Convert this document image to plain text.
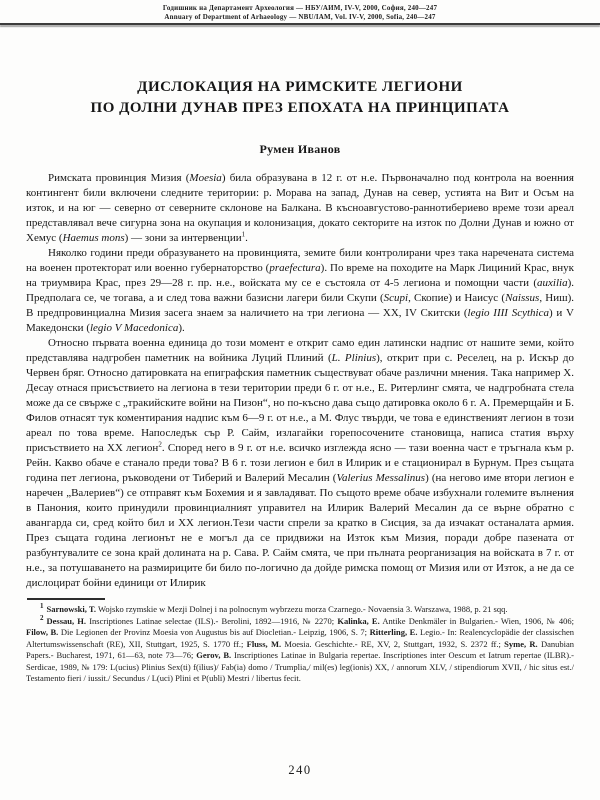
Годишник на Департамент Археология — НБУ/АИМ, IV-V, 2000, София, 240—247
Annuary of Department of Arhaeology — NBU/IAM, Vol. IV-V, 2000, Sofia, 240—247
ДИСЛОКАЦИЯ НА РИМСКИТЕ ЛЕГИОНИ
ПО ДОЛНИ ДУНАВ ПРЕЗ ЕПОХАТА НА ПРИНЦИПАТА
Румен Иванов

Римската провинция Мизия (Moesia) била образувана в 12 г. от н.е. Първоначално под контрола на военния контингент били включени следните територии: р. Морава на запад, Дунав на север, устията на Вит и Осъм на изток, и на юг — северно от северните склонове на Балкана. В късноавгустово-раннотибериево време този ареал представлявал вече сигурна зона на окупация и колонизация, докато секторите на изток по Долни Дунав и южно от Хемус (Haemus mons) — зони за интервенции$^1$.

Няколко години преди образуването на провинцията, земите били контролирани чрез така наречената система на военен протекторат или военно губернаторство (praefectura). По време на походите на Марк Лициний Крас, внук на триумвира Крас, през 29—28 г. пр. н.е., войската му се е състояла от 4-5 легиона и помощни части (auxilia). Предполага се, че тогава, а и след това важни базисни лагери били Скупи (Scupi, Скопие) и Наисус (Naissus, Ниш). В предпровинциална Мизия засега знаем за наличието на три легиона — XX, IV Скитски (legio IIII Scythica) и V Македонски (legio V Macedonica).

Относно първата военна единица до този момент е открит само един латински надпис от нашите земи, който представлява надгробен паметник на войника Луций Плиний (L. Plinius), открит при с. Реселец, на р. Искър до Червен бряг. Относно датировката на епиграфския паметник съществуват обаче различни мнения. Така например Х. Десау отнася присъствието на легиона в тези територии преди 6 г. от н.е., Е. Ритерлинг смята, че надгробната стела може да се свърже с „тракийските войни на Пизон“, но по-късно дава също датировка около 6 г. А. Премерщайн и Б. Филов отнасят тук коментирания надпис към 6—9 г. от н.е., а М. Флус твърди, че това е единственият легион в този ареал по това време. Напоследък сър Р. Сайм, излагайки горепосочените становища, написа статия върху присъствието на XX легион$^2$. Според него в 9 г. от н.е. всичко изглежда ясно — тази военна част е тръгнала към р. Рейн. Какво обаче е станало преди това? В 6 г. този легион е бил в Илирик и е стационирал в Бурнум. През същата година пет легиона, ръководени от Тиберий и Валерий Месалин (Valerius Messalinus) (на негово име втори легион е наречен „Валериев“) се отправят към Бохемия и я завладяват. По същото време обаче избухнали големите вълнения в Панония, които принудили провинциалният управител на Илирик Валерий Месалин да се върне обратно с авангарда си, сред който бил и XX легион.Тези части спрели за кратко в Сисция, за да изчакат останалата армия. През същата година легионът не е могъл да се придвижи на Изток към Мизия, поради добре пазената от разбунтувалите се зона край долината на р. Сава. Р. Сайм смята, че при пълната реорганизация на войската в 7 г. от н.е., за потушаването на размириците би било по-логично да дойде римска помощ от Мизия или от Изток, а не да се дислоцират бойни единици от Илирик

$^1$ Sarnowski, T. Wojsko rzymskie w Mezji Dolnej i na polnocnym wybrzezu morza Czarnego.- Novaensia 3. Warszawa, 1988, p. 21 sqq.

$^2$ Dessau, H. Inscriptiones Latinae selectae (ILS).- Berolini, 1892—1916, № 2270; Kalinka, E. Antike Denkmäler in Bulgarien.- Wien, 1906, № 406; Filow, B. Die Legionen der Provinz Moesia von Augustus bis auf Diocletian.- Leipzig, 1906, S. 7; Ritterling, E. Legio.- In: Realencyclopädie der classischen Altertumswissenschaft (RE), XII, Stuttgart, 1925, S. 1770 ff.; Fluss, M. Moesia. Geschichte.- RE, XV, 2, Stuttgart, 1932, S. 2372 ff.; Syme, R. Danubian Papers.- Bucharest, 1971, 61—63, note 73—76; Gerov, B. Inscriptiones Latinae in Bulgaria repertae. Inscriptiones inter Oescum et Iatrum repertae (ILBR).- Serdicae, 1989, № 179: L(ucius) Plinius Sex(ti) f(ilius)/ Fab(ia) domo / Trumplia,/ mil(es) leg(ionis) XX, / annorum XLV, / stipendiorum XVII, / hic situs est./ Testamento fieri / iussit./ Secundus / L(uci) Plini et P(ubli) Mestri / libertus fecit.

240
